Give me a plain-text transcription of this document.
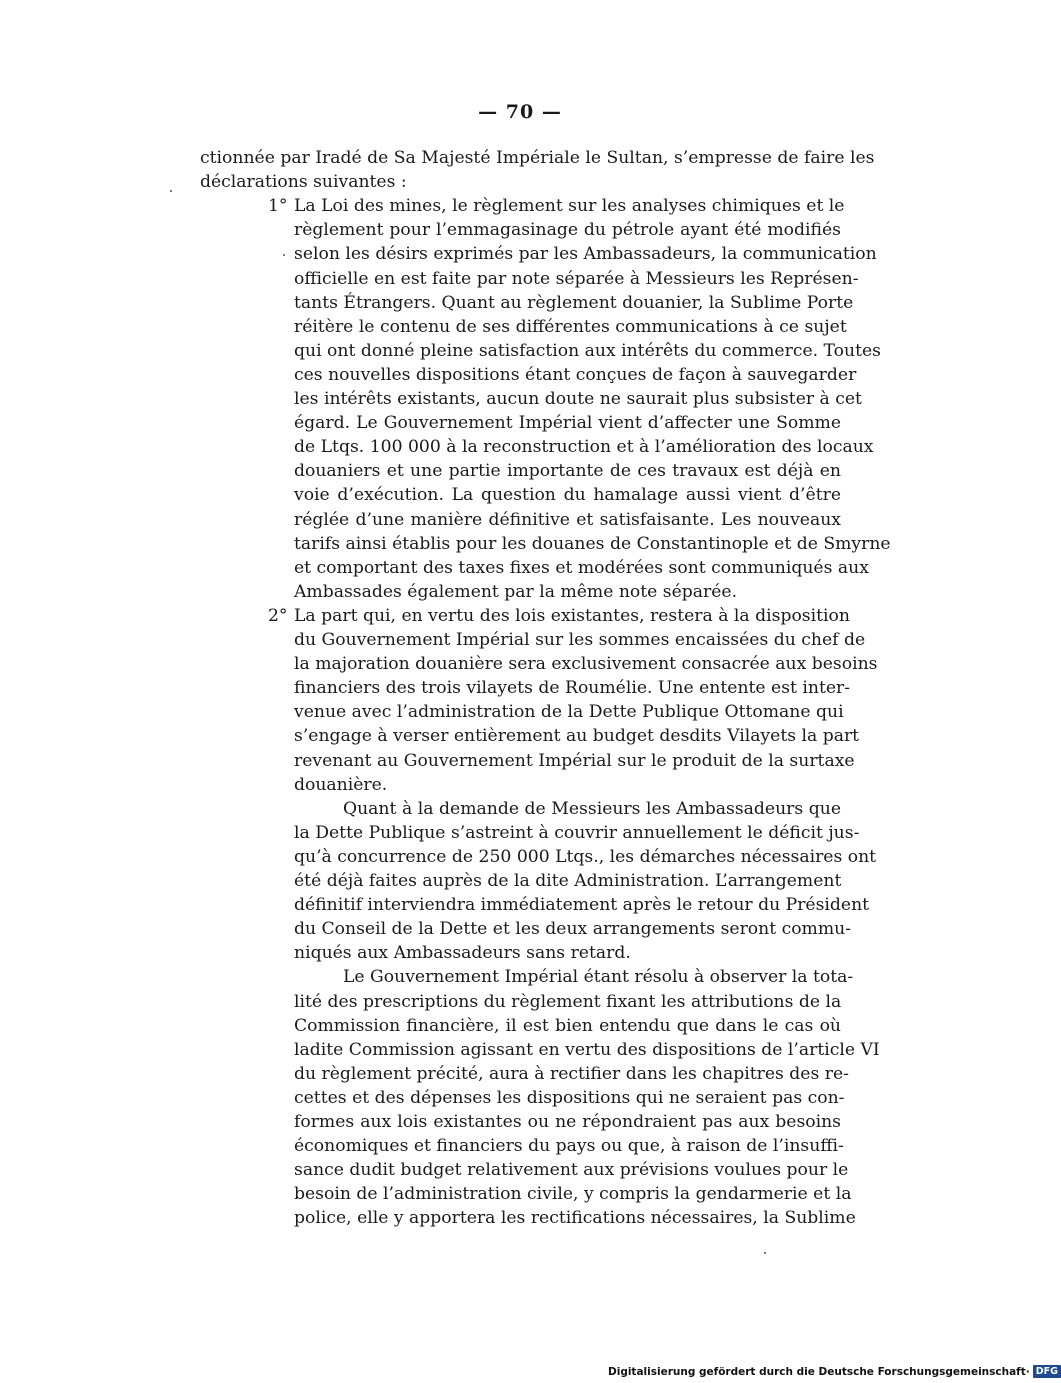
— 70 —
ctionnée par Iradé de Sa Majesté Impériale le Sultan, s’empresse de faire les
déclarations suivantes :
1° La Loi des mines, le règlement sur les analyses chimiques et le
règlement pour l’emmagasinage du pétrole ayant été modifiés
selon les désirs exprimés par les Ambassadeurs, la communication
officielle en est faite par note séparée à Messieurs les Représen-
tants Étrangers. Quant au règlement douanier, la Sublime Porte
réitère le contenu de ses différentes communications à ce sujet
qui ont donné pleine satisfaction aux intérêts du commerce. Toutes
ces nouvelles dispositions étant conçues de façon à sauvegarder
les intérêts existants, aucun doute ne saurait plus subsister à cet
égard. Le Gouvernement Impérial vient d’affecter une Somme
de Ltqs. 100 000 à la reconstruction et à l’amélioration des locaux
douaniers et une partie importante de ces travaux est déjà en
voie d’exécution. La question du hamalage aussi vient d’être
réglée d’une manière définitive et satisfaisante. Les nouveaux
tarifs ainsi établis pour les douanes de Constantinople et de Smyrne
et comportant des taxes fixes et modérées sont communiqués aux
Ambassades également par la même note séparée.
2° La part qui, en vertu des lois existantes, restera à la disposition
du Gouvernement Impérial sur les sommes encaissées du chef de
la majoration douanière sera exclusivement consacrée aux besoins
financiers des trois vilayets de Roumélie. Une entente est inter-
venue avec l’administration de la Dette Publique Ottomane qui
s’engage à verser entièrement au budget desdits Vilayets la part
revenant au Gouvernement Impérial sur le produit de la surtaxe
douanière.
Quant à la demande de Messieurs les Ambassadeurs que
la Dette Publique s’astreint à couvrir annuellement le déficit jus-
qu’à concurrence de 250 000 Ltqs., les démarches nécessaires ont
été déjà faites auprès de la dite Administration. L’arrangement
définitif interviendra immédiatement après le retour du Président
du Conseil de la Dette et les deux arrangements seront commu-
niqués aux Ambassadeurs sans retard.
Le Gouvernement Impérial étant résolu à observer la tota-
lité des prescriptions du règlement fixant les attributions de la
Commission financière, il est bien entendu que dans le cas où
ladite Commission agissant en vertu des dispositions de l’article VI
du règlement précité, aura à rectifier dans les chapitres des re-
cettes et des dépenses les dispositions qui ne seraient pas con-
formes aux lois existantes ou ne répondraient pas aux besoins
économiques et financiers du pays ou que, à raison de l’insuffi-
sance dudit budget relativement aux prévisions voulues pour le
besoin de l’administration civile, y compris la gendarmerie et la
police, elle y apportera les rectifications nécessaires, la Sublime
Digitalisierung gefördert durch die Deutsche Forschungsgemeinschaft· DFG
